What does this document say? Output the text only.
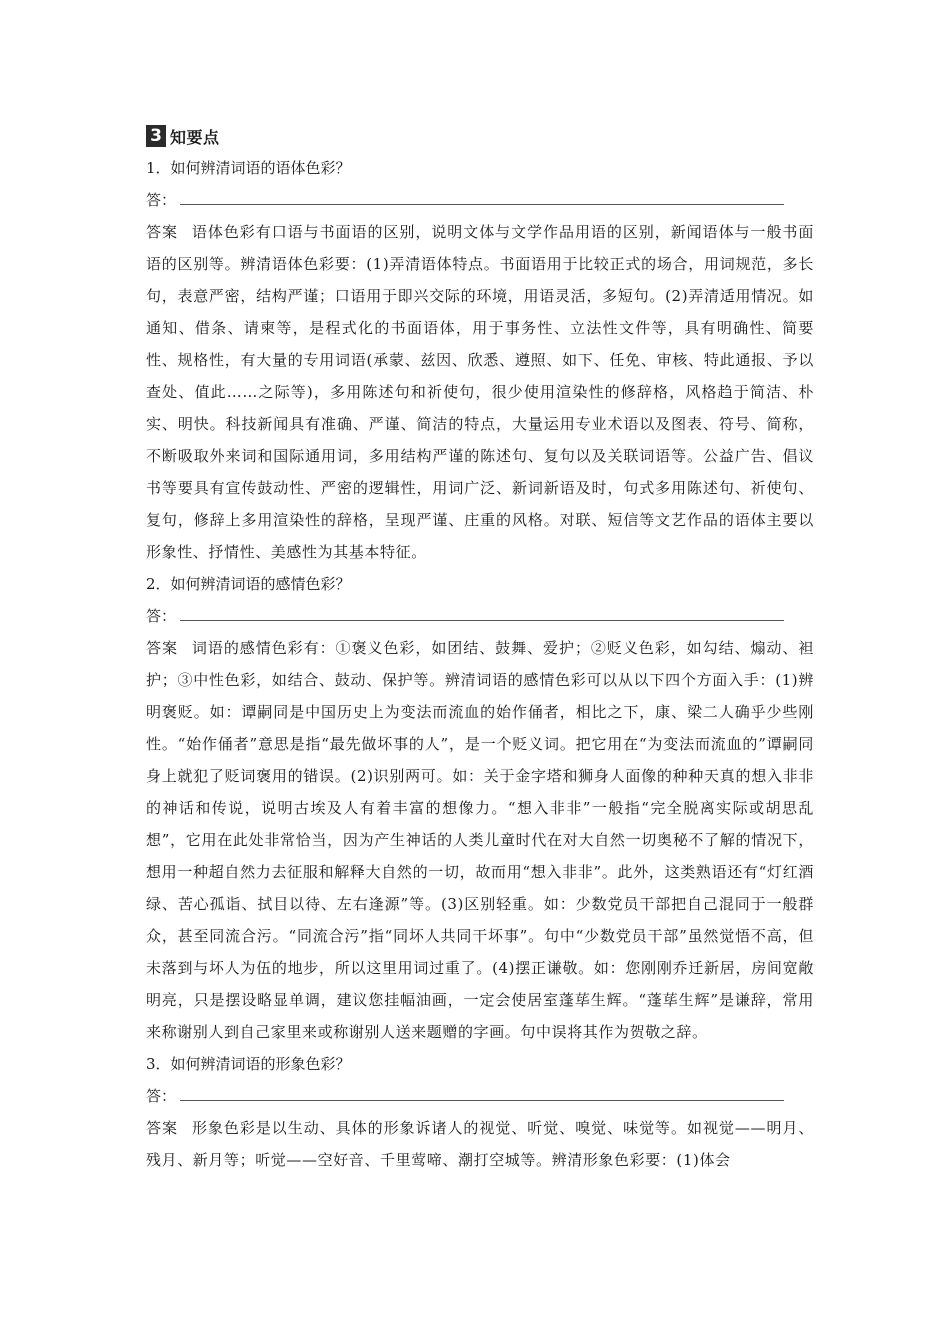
3 知要点
1．如何辨清词语的语体色彩？
答：
答案 语体色彩有口语与书面语的区别，说明文体与文学作品用语的区别，新闻语体与一般书面语的区别等。辨清语体色彩要：(1)弄清语体特点。书面语用于比较正式的场合，用词规范，多长句，表意严密，结构严谨；口语用于即兴交际的环境，用语灵活，多短句。(2)弄清适用情况。如通知、借条、请柬等，是程式化的书面语体，用于事务性、立法性文件等，具有明确性、简要性、规格性，有大量的专用词语(承蒙、兹因、欣悉、遵照、如下、任免、审核、特此通报、予以查处、值此……之际等)，多用陈述句和祈使句，很少使用渲染性的修辞格，风格趋于简洁、朴实、明快。科技新闻具有准确、严谨、简洁的特点，大量运用专业术语以及图表、符号、简称，不断吸取外来词和国际通用词，多用结构严谨的陈述句、复句以及关联词语等。公益广告、倡议书等要具有宣传鼓动性、严密的逻辑性，用词广泛、新词新语及时，句式多用陈述句、祈使句、复句，修辞上多用渲染性的辞格，呈现严谨、庄重的风格。对联、短信等文艺作品的语体主要以形象性、抒情性、美感性为其基本特征。
2．如何辨清词语的感情色彩？
答：
答案 词语的感情色彩有：①褒义色彩，如团结、鼓舞、爱护；②贬义色彩，如勾结、煽动、袒护；③中性色彩，如结合、鼓动、保护等。辨清词语的感情色彩可以从以下四个方面入手：(1)辨明褒贬。如：谭嗣同是中国历史上为变法而流血的始作俑者，相比之下，康、梁二人确乎少些刚性。“始作俑者”意思是指“最先做坏事的人”，是一个贬义词。把它用在“为变法而流血的”谭嗣同身上就犯了贬词褒用的错误。(2)识别两可。如：关于金字塔和狮身人面像的种种天真的想入非非的神话和传说，说明古埃及人有着丰富的想像力。“想入非非”一般指“完全脱离实际或胡思乱想”，它用在此处非常恰当，因为产生神话的人类儿童时代在对大自然一切奥秘不了解的情况下，想用一种超自然力去征服和解释大自然的一切，故而用“想入非非”。此外，这类熟语还有“灯红酒绿、苦心孤诣、拭目以待、左右逢源”等。(3)区别轻重。如：少数党员干部把自己混同于一般群众，甚至同流合污。“同流合污”指“同坏人共同干坏事”。句中“少数党员干部”虽然觉悟不高，但未落到与坏人为伍的地步，所以这里用词过重了。(4)摆正谦敬。如：您刚刚乔迁新居，房间宽敞明亮，只是摆设略显单调，建议您挂幅油画，一定会使居室蓬荜生辉。“蓬荜生辉”是谦辞，常用来称谢别人到自己家里来或称谢别人送来题赠的字画。句中误将其作为贺敬之辞。
3．如何辨清词语的形象色彩？
答：
答案 形象色彩是以生动、具体的形象诉诸人的视觉、听觉、嗅觉、味觉等。如视觉——明月、残月、新月等；听觉——空好音、千里莺啼、潮打空城等。辨清形象色彩要：(1)体会
